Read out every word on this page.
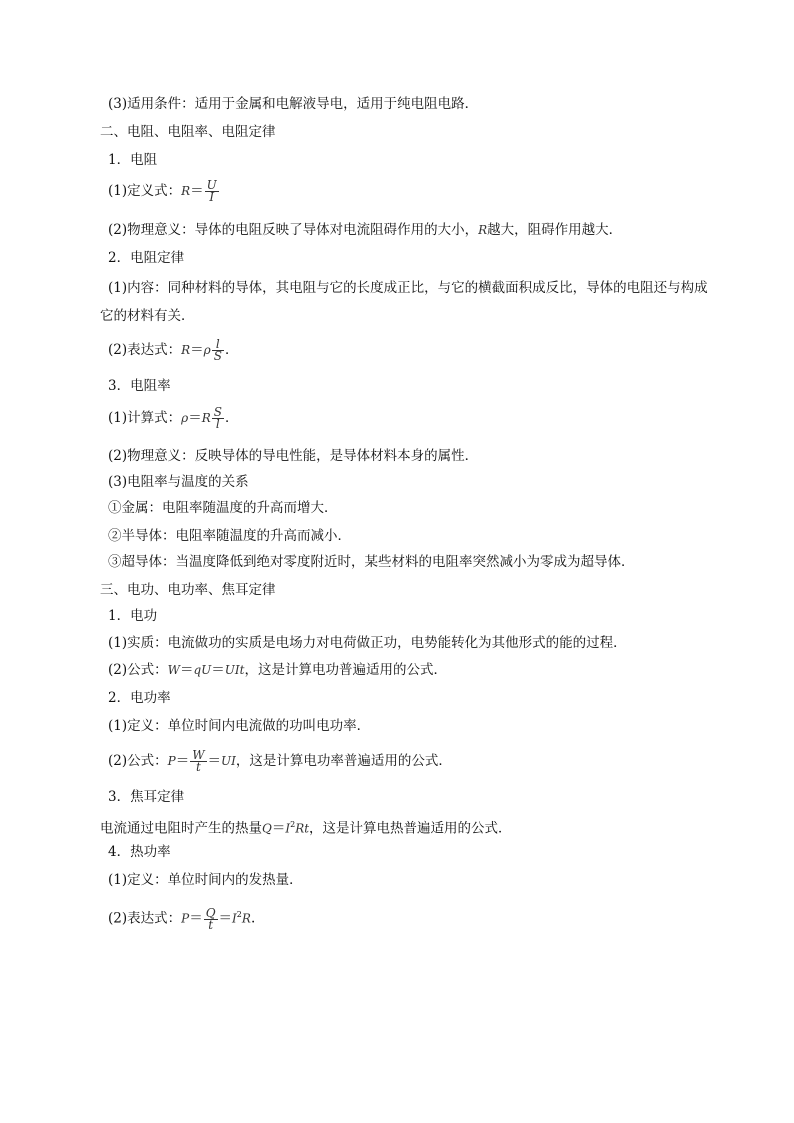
(3)适用条件：适用于金属和电解液导电，适用于纯电阻电路．
二、电阻、电阻率、电阻定律
1．电阻
(1)定义式：$R= \frac{U}{I}$
(2)物理意义：导体的电阻反映了导体对电流阻碍作用的大小，R越大，阻碍作用越大．
2．电阻定律
(1)内容：同种材料的导体，其电阻与它的长度成正比，与它的横截面积成反比，导体的电阻还与构成它的材料有关．
(2)表达式：$R=\rho \frac{l}{S}$ ．
3．电阻率
(1)计算式：$\rho=R \frac{S}{l}$ ．
(2)物理意义：反映导体的导电性能，是导体材料本身的属性．
(3)电阻率与温度的关系
①金属：电阻率随温度的升高而增大．
②半导体：电阻率随温度的升高而减小．
③超导体：当温度降低到绝对零度附近时，某些材料的电阻率突然减小为零成为超导体．
三、电功、电功率、焦耳定律
1．电功
(1)实质：电流做功的实质是电场力对电荷做正功，电势能转化为其他形式的能的过程．
(2)公式：W＝qU＝UIt，这是计算电功普遍适用的公式．
2．电功率
(1)定义：单位时间内电流做的功叫电功率．
(2)公式：$P= \frac{W}{t} =UI$，这是计算电功率普遍适用的公式．
3．焦耳定律
电流通过电阻时产生的热量$Q=I^2Rt$，这是计算电热普遍适用的公式．
4．热功率
(1)定义：单位时间内的发热量．
(2)表达式：$P= \frac{Q}{t} =I^2R$.
